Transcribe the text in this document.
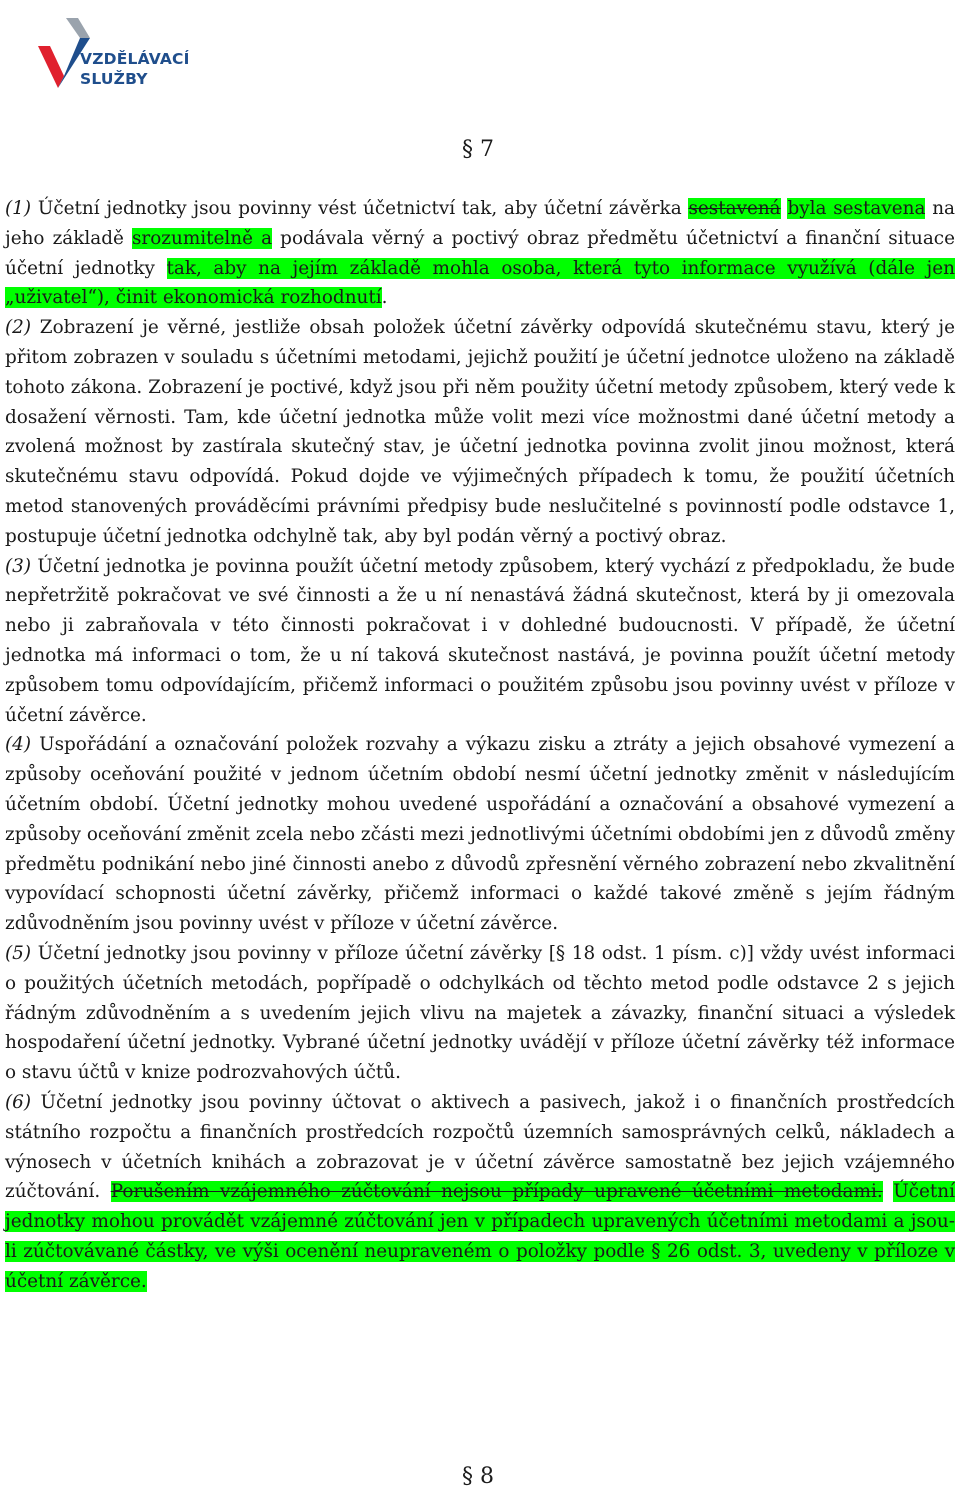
VZDĚLÁVACÍ
SLUŽBY
§ 7

(1) Účetní jednotky jsou povinny vést účetnictví tak, aby účetní závěrka sestavená byla sestavena na jeho základě srozumitelně a podávala věrný a poctivý obraz předmětu účetnictví a finanční situace účetní jednotky tak, aby na jejím základě mohla osoba, která tyto informace využívá (dále jen „uživatel“), činit ekonomická rozhodnutí.

(2) Zobrazení je věrné, jestliže obsah položek účetní závěrky odpovídá skutečnému stavu, který je přitom zobrazen v souladu s účetními metodami, jejichž použití je účetní jednotce uloženo na základě tohoto zákona. Zobrazení je poctivé, když jsou při něm použity účetní metody způsobem, který vede k dosažení věrnosti. Tam, kde účetní jednotka může volit mezi více možnostmi dané účetní metody a zvolená možnost by zastírala skutečný stav, je účetní jednotka povinna zvolit jinou možnost, která skutečnému stavu odpovídá. Pokud dojde ve výjimečných případech k tomu, že použití účetních metod stanovených prováděcími právními předpisy bude neslučitelné s povinností podle odstavce 1, postupuje účetní jednotka odchylně tak, aby byl podán věrný a poctivý obraz.

(3) Účetní jednotka je povinna použít účetní metody způsobem, který vychází z předpokladu, že bude nepřetržitě pokračovat ve své činnosti a že u ní nenastává žádná skutečnost, která by ji omezovala nebo ji zabraňovala v této činnosti pokračovat i v dohledné budoucnosti. V případě, že účetní jednotka má informaci o tom, že u ní taková skutečnost nastává, je povinna použít účetní metody způsobem tomu odpovídajícím, přičemž informaci o použitém způsobu jsou povinny uvést v příloze v účetní závěrce.

(4) Uspořádání a označování položek rozvahy a výkazu zisku a ztráty a jejich obsahové vymezení a způsoby oceňování použité v jednom účetním období nesmí účetní jednotky změnit v následujícím účetním období. Účetní jednotky mohou uvedené uspořádání a označování a obsahové vymezení a způsoby oceňování změnit zcela nebo zčásti mezi jednotlivými účetními obdobími jen z důvodů změny předmětu podnikání nebo jiné činnosti anebo z důvodů zpřesnění věrného zobrazení nebo zkvalitnění vypovídací schopnosti účetní závěrky, přičemž informaci o každé takové změně s jejím řádným zdůvodněním jsou povinny uvést v příloze v účetní závěrce.

(5) Účetní jednotky jsou povinny v příloze účetní závěrky [§ 18 odst. 1 písm. c)] vždy uvést informaci o použitých účetních metodách, popřípadě o odchylkách od těchto metod podle odstavce 2 s jejich řádným zdůvodněním a s uvedením jejich vlivu na majetek a závazky, finanční situaci a výsledek hospodaření účetní jednotky. Vybrané účetní jednotky uvádějí v příloze účetní závěrky též informace o stavu účtů v knize podrozvahových účtů.

(6) Účetní jednotky jsou povinny účtovat o aktivech a pasivech, jakož i o finančních prostředcích státního rozpočtu a finančních prostředcích rozpočtů územních samosprávných celků, nákladech a výnosech v účetních knihách a zobrazovat je v účetní závěrce samostatně bez jejich vzájemného zúčtování. Porušením vzájemného zúčtování nejsou případy upravené účetními metodami. Účetní jednotky mohou provádět vzájemné zúčtování jen v případech upravených účetními metodami a jsou-li zúčtovávané částky, ve výši ocenění neupraveném o položky podle § 26 odst. 3, uvedeny v příloze v účetní závěrce.

§ 8
